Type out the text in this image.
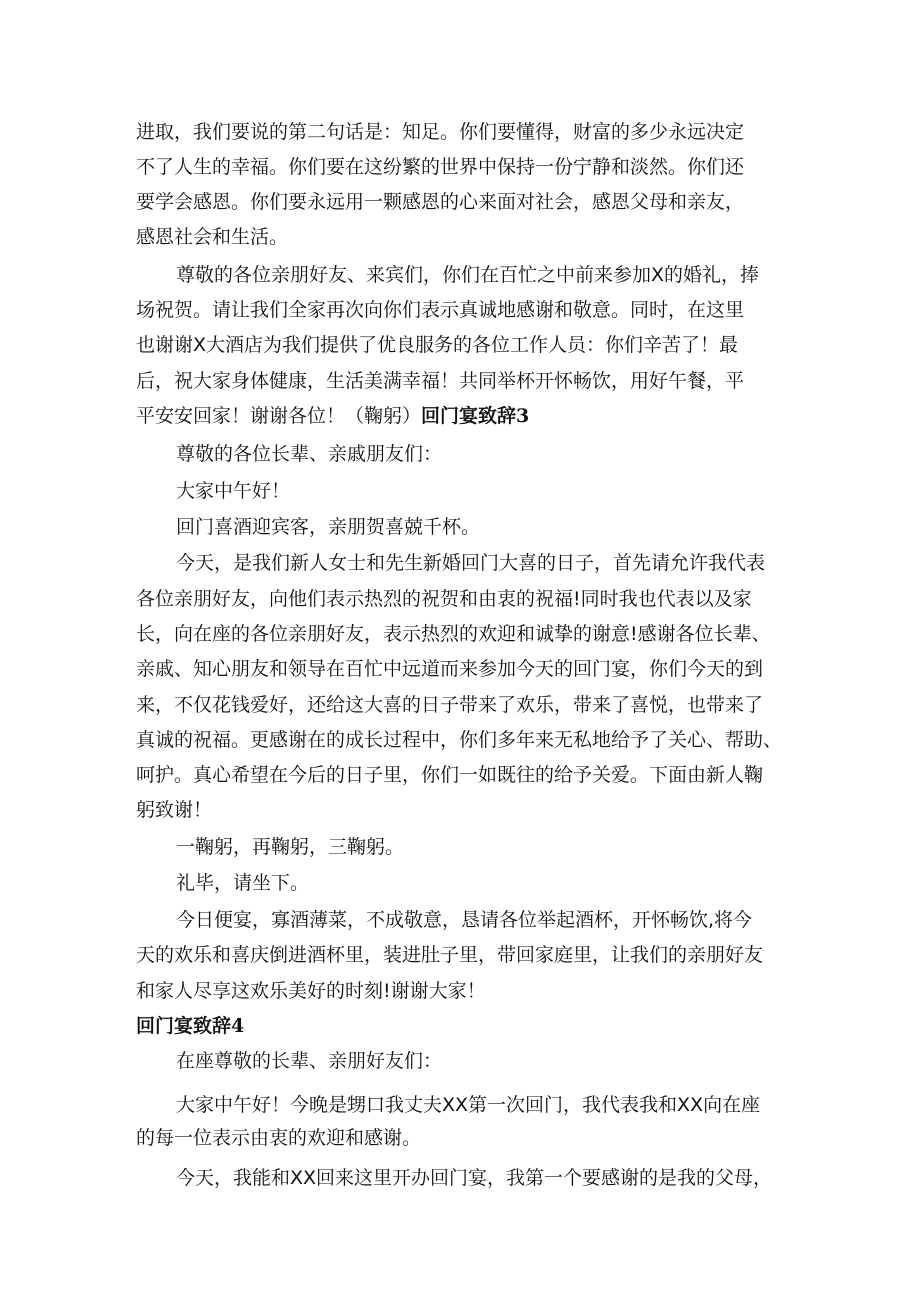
进取，我们要说的第二句话是：知足。你们要懂得，财富的多少永远决定
不了人生的幸福。你们要在这纷繁的世界中保持一份宁静和淡然。你们还
要学会感恩。你们要永远用一颗感恩的心来面对社会，感恩父母和亲友，
感恩社会和生活。
尊敬的各位亲朋好友、来宾们，你们在百忙之中前来参加X的婚礼，捧
场祝贺。请让我们全家再次向你们表示真诚地感谢和敬意。同时，在这里
也谢谢X大酒店为我们提供了优良服务的各位工作人员：你们辛苦了！最
后，祝大家身体健康，生活美满幸福！共同举杯开怀畅饮，用好午餐，平
平安安回家！谢谢各位！（鞠躬）回门宴致辞3
尊敬的各位长辈、亲戚朋友们：
大家中午好！
回门喜酒迎宾客，亲朋贺喜兢千杯。
今天，是我们新人女士和先生新婚回门大喜的日子，首先请允许我代表
各位亲朋好友，向他们表示热烈的祝贺和由衷的祝福!同时我也代表以及家
长，向在座的各位亲朋好友，表示热烈的欢迎和诚挚的谢意!感谢各位长辈、
亲戚、知心朋友和领导在百忙中远道而来参加今天的回门宴，你们今天的到
来，不仅花钱爱好，还给这大喜的日子带来了欢乐，带来了喜悦，也带来了
真诚的祝福。更感谢在的成长过程中，你们多年来无私地给予了关心、帮助、
呵护。真心希望在今后的日子里，你们一如既往的给予关爱。下面由新人鞠
躬致谢！
一鞠躬，再鞠躬，三鞠躬。
礼毕，请坐下。
今日便宴，寡酒薄菜，不成敬意，恳请各位举起酒杯，开怀畅饮,将今
天的欢乐和喜庆倒进酒杯里，装进肚子里，带回家庭里，让我们的亲朋好友
和家人尽享这欢乐美好的时刻!谢谢大家！
回门宴致辞4
在座尊敬的长辈、亲朋好友们：
大家中午好！今晚是甥口我丈夫XX第一次回门，我代表我和XX向在座
的每一位表示由衷的欢迎和感谢。
今天，我能和XX回来这里开办回门宴，我第一个要感谢的是我的父母，
